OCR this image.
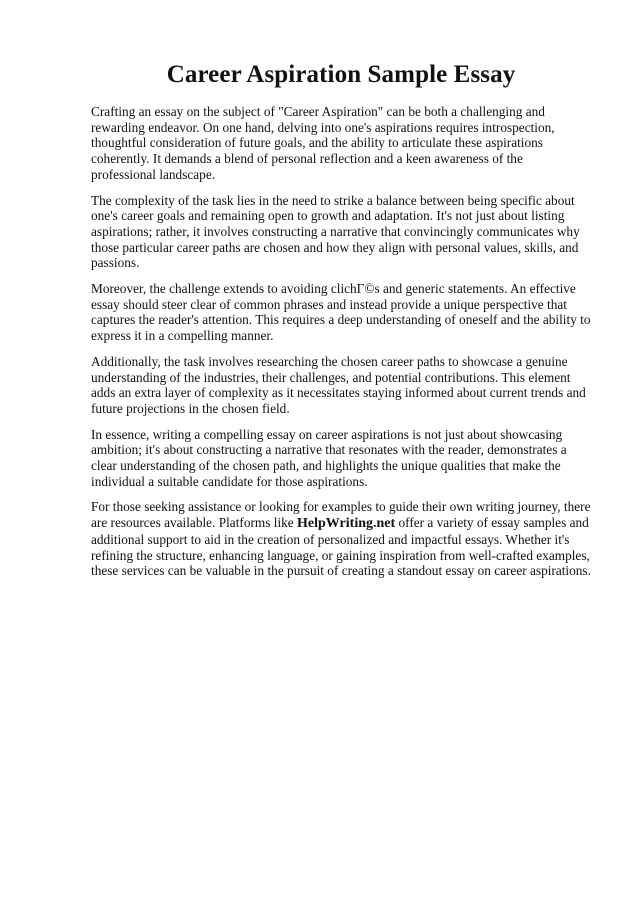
Career Aspiration Sample Essay

Crafting an essay on the subject of "Career Aspiration" can be both a challenging and rewarding endeavor. On one hand, delving into one's aspirations requires introspection, thoughtful consideration of future goals, and the ability to articulate these aspirations coherently. It demands a blend of personal reflection and a keen awareness of the professional landscape.

The complexity of the task lies in the need to strike a balance between being specific about one's career goals and remaining open to growth and adaptation. It's not just about listing aspirations; rather, it involves constructing a narrative that convincingly communicates why those particular career paths are chosen and how they align with personal values, skills, and passions.

Moreover, the challenge extends to avoiding clichГ©s and generic statements. An effective essay should steer clear of common phrases and instead provide a unique perspective that captures the reader's attention. This requires a deep understanding of oneself and the ability to express it in a compelling manner.

Additionally, the task involves researching the chosen career paths to showcase a genuine understanding of the industries, their challenges, and potential contributions. This element adds an extra layer of complexity as it necessitates staying informed about current trends and future projections in the chosen field.

In essence, writing a compelling essay on career aspirations is not just about showcasing ambition; it's about constructing a narrative that resonates with the reader, demonstrates a clear understanding of the chosen path, and highlights the unique qualities that make the individual a suitable candidate for those aspirations.

For those seeking assistance or looking for examples to guide their own writing journey, there are resources available. Platforms like HelpWriting.net offer a variety of essay samples and additional support to aid in the creation of personalized and impactful essays. Whether it's refining the structure, enhancing language, or gaining inspiration from well-crafted examples, these services can be valuable in the pursuit of creating a standout essay on career aspirations.
